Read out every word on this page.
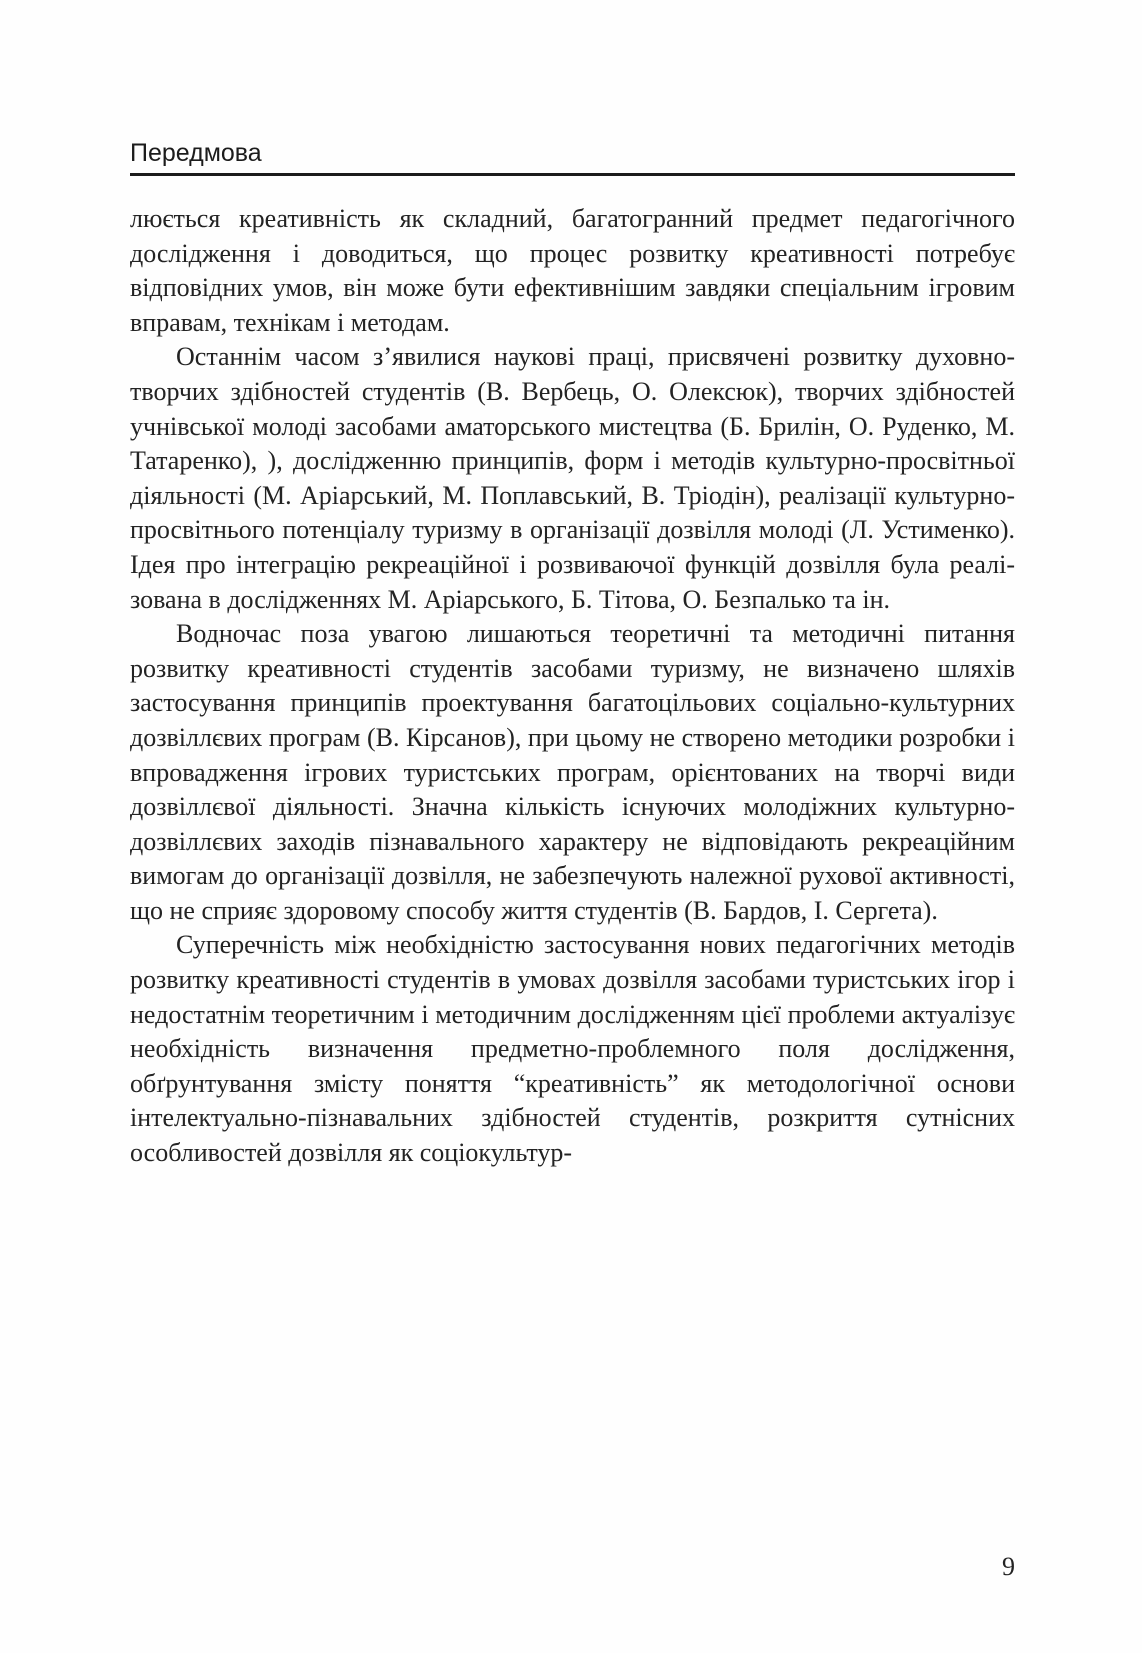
Передмова

люється креативність як складний, багатогранний предмет педагогічного дослідження і доводиться, що процес розвитку креативності потребує відповідних умов, він може бути ефективнішим завдяки спеціальним ігровим вправам, технікам і методам.

Останнім часом з’явилися наукові праці, присвячені розвитку духовно-творчих здібностей студентів (В. Вербець, О. Олексюк), творчих здібностей учнівської молоді засобами аматорського мистецтва (Б. Брилін, О. Руденко, М. Татаренко), ), дослідженню принципів, форм і методів культурно-просвітньої діяльності (М. Аріарський, М. Поплавський, В. Тріодін), реалізації культурно-просвітнього потенціалу туризму в організації дозвілля молоді (Л. Устименко). Ідея про інтеграцію рекреаційної і розвиваючої функцій дозвілля була реалізована в дослідженнях М. Аріарського, Б. Тітова, О. Безпалько та ін.

Водночас поза увагою лишаються теоретичні та методичні питання розвитку креативності студентів засобами туризму, не визначено шляхів застосування принципів проектування багатоцільових соціально-культурних дозвіллєвих програм (В. Кірсанов), при цьому не створено методики розробки і впровадження ігрових туристських програм, орієнтованих на творчі види дозвіллєвої діяльності. Значна кількість існуючих молодіжних культурно-дозвіллєвих заходів пізнавального характеру не відповідають рекреаційним вимогам до організації дозвілля, не забезпечують належної рухової активності, що не сприяє здоровому способу життя студентів (В. Бардов, І. Сергета).

Суперечність між необхідністю застосування нових педагогічних методів розвитку креативності студентів в умовах дозвілля засобами туристських ігор і недостатнім теоретичним і методичним дослідженням цієї проблеми актуалізує необхідність визначення предметно-проблемного поля дослідження, обґрунтування змісту поняття “креативність” як методологічної основи інтелектуально-пізнавальних здібностей студентів, розкриття сутнісних особливостей дозвілля як соціокультур-

9
